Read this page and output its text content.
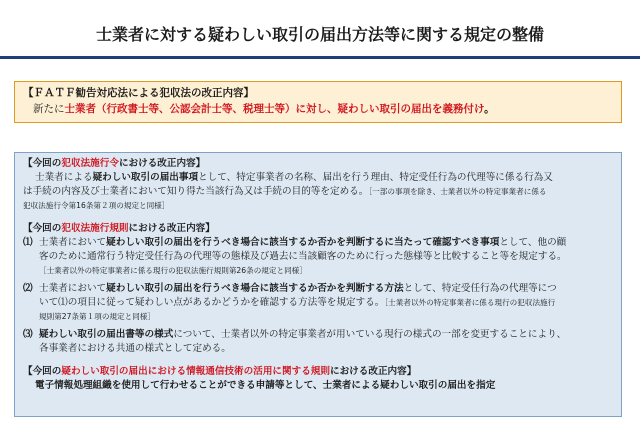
士業者に対する疑わしい取引の届出方法等に関する規定の整備
【ＦＡＴＦ勧告対応法による犯収法の改正内容】
新たに士業者（行政書士等、公認会計士等、税理士等）に対し、疑わしい取引の届出を義務付け。
【今回の犯収法施行令における改正内容】
士業者による疑わしい取引の届出事項として、特定事業者の名称、届出を行う理由、特定受任行為の代理等に係る行為又
は手続の内容及び士業者において知り得た当該行為又は手続の目的等を定める。［一部の事項を除き、士業者以外の特定事業者に係る
犯収法施行令第16条第２項の規定と同様］
【今回の犯収法施行規則における改正内容】
⑴ 士業者において疑わしい取引の届出を行うべき場合に該当するか否かを判断するに当たって確認すべき事項として、他の顧
客のために通常行う特定受任行為の代理等の態様及び過去に当該顧客のために行った態様等と比較すること等を規定する。
［士業者以外の特定事業者に係る現行の犯収法施行規則第26条の規定と同様］
⑵ 士業者において疑わしい取引の届出を行うべき場合に該当するか否かを判断する方法として、特定受任行為の代理等につ
いて⑴の項目に従って疑わしい点があるかどうかを確認する方法等を規定する。［士業者以外の特定事業者に係る現行の犯収法施行
規則第27条第１項の規定と同様］
⑶ 疑わしい取引の届出書等の様式について、士業者以外の特定事業者が用いている現行の様式の一部を変更することにより、
各事業者における共通の様式として定める。
【今回の疑わしい取引の届出における情報通信技術の活用に関する規則における改正内容】
電子情報処理組織を使用して行わせることができる申請等として、士業者による疑わしい取引の届出を指定
